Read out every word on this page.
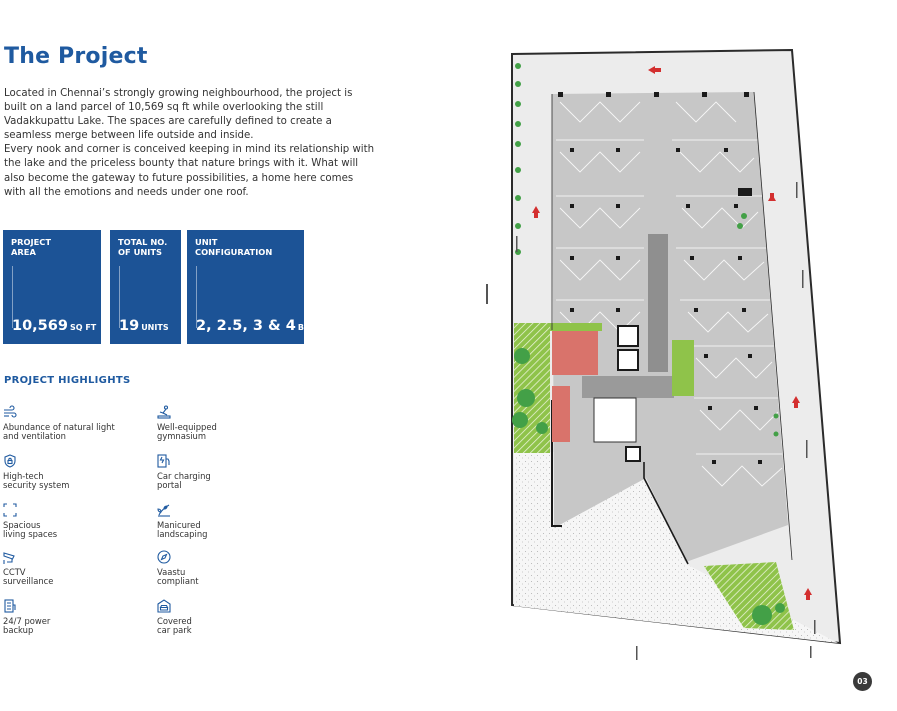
The Project

Located in Chennai’s strongly growing neighbourhood, the project is built on a land parcel of 10,569 sq ft while overlooking the still Vadakkupattu Lake. The spaces are carefully defined to create a seamless merge between life outside and inside.

Every nook and corner is conceived keeping in mind its relationship with the lake and the priceless bounty that nature brings with it. What will also become the gateway to future possibilities, a home here comes with all the emotions and needs under one roof.

PROJECT
AREA
10,569 SQ FT
TOTAL NO.
OF UNITS
19 UNITS
UNIT
CONFIGURATION
2, 2.5, 3 & 4 BHK
PROJECT HIGHLIGHTS
Abundance of natural light
and ventilation
High-tech
security system
Spacious
living spaces
CCTV
surveillance
24/7 power
backup
Well-equipped
gymnasium
Car charging
portal
Manicured
landscaping
Vaastu
compliant
Covered
car park
03
